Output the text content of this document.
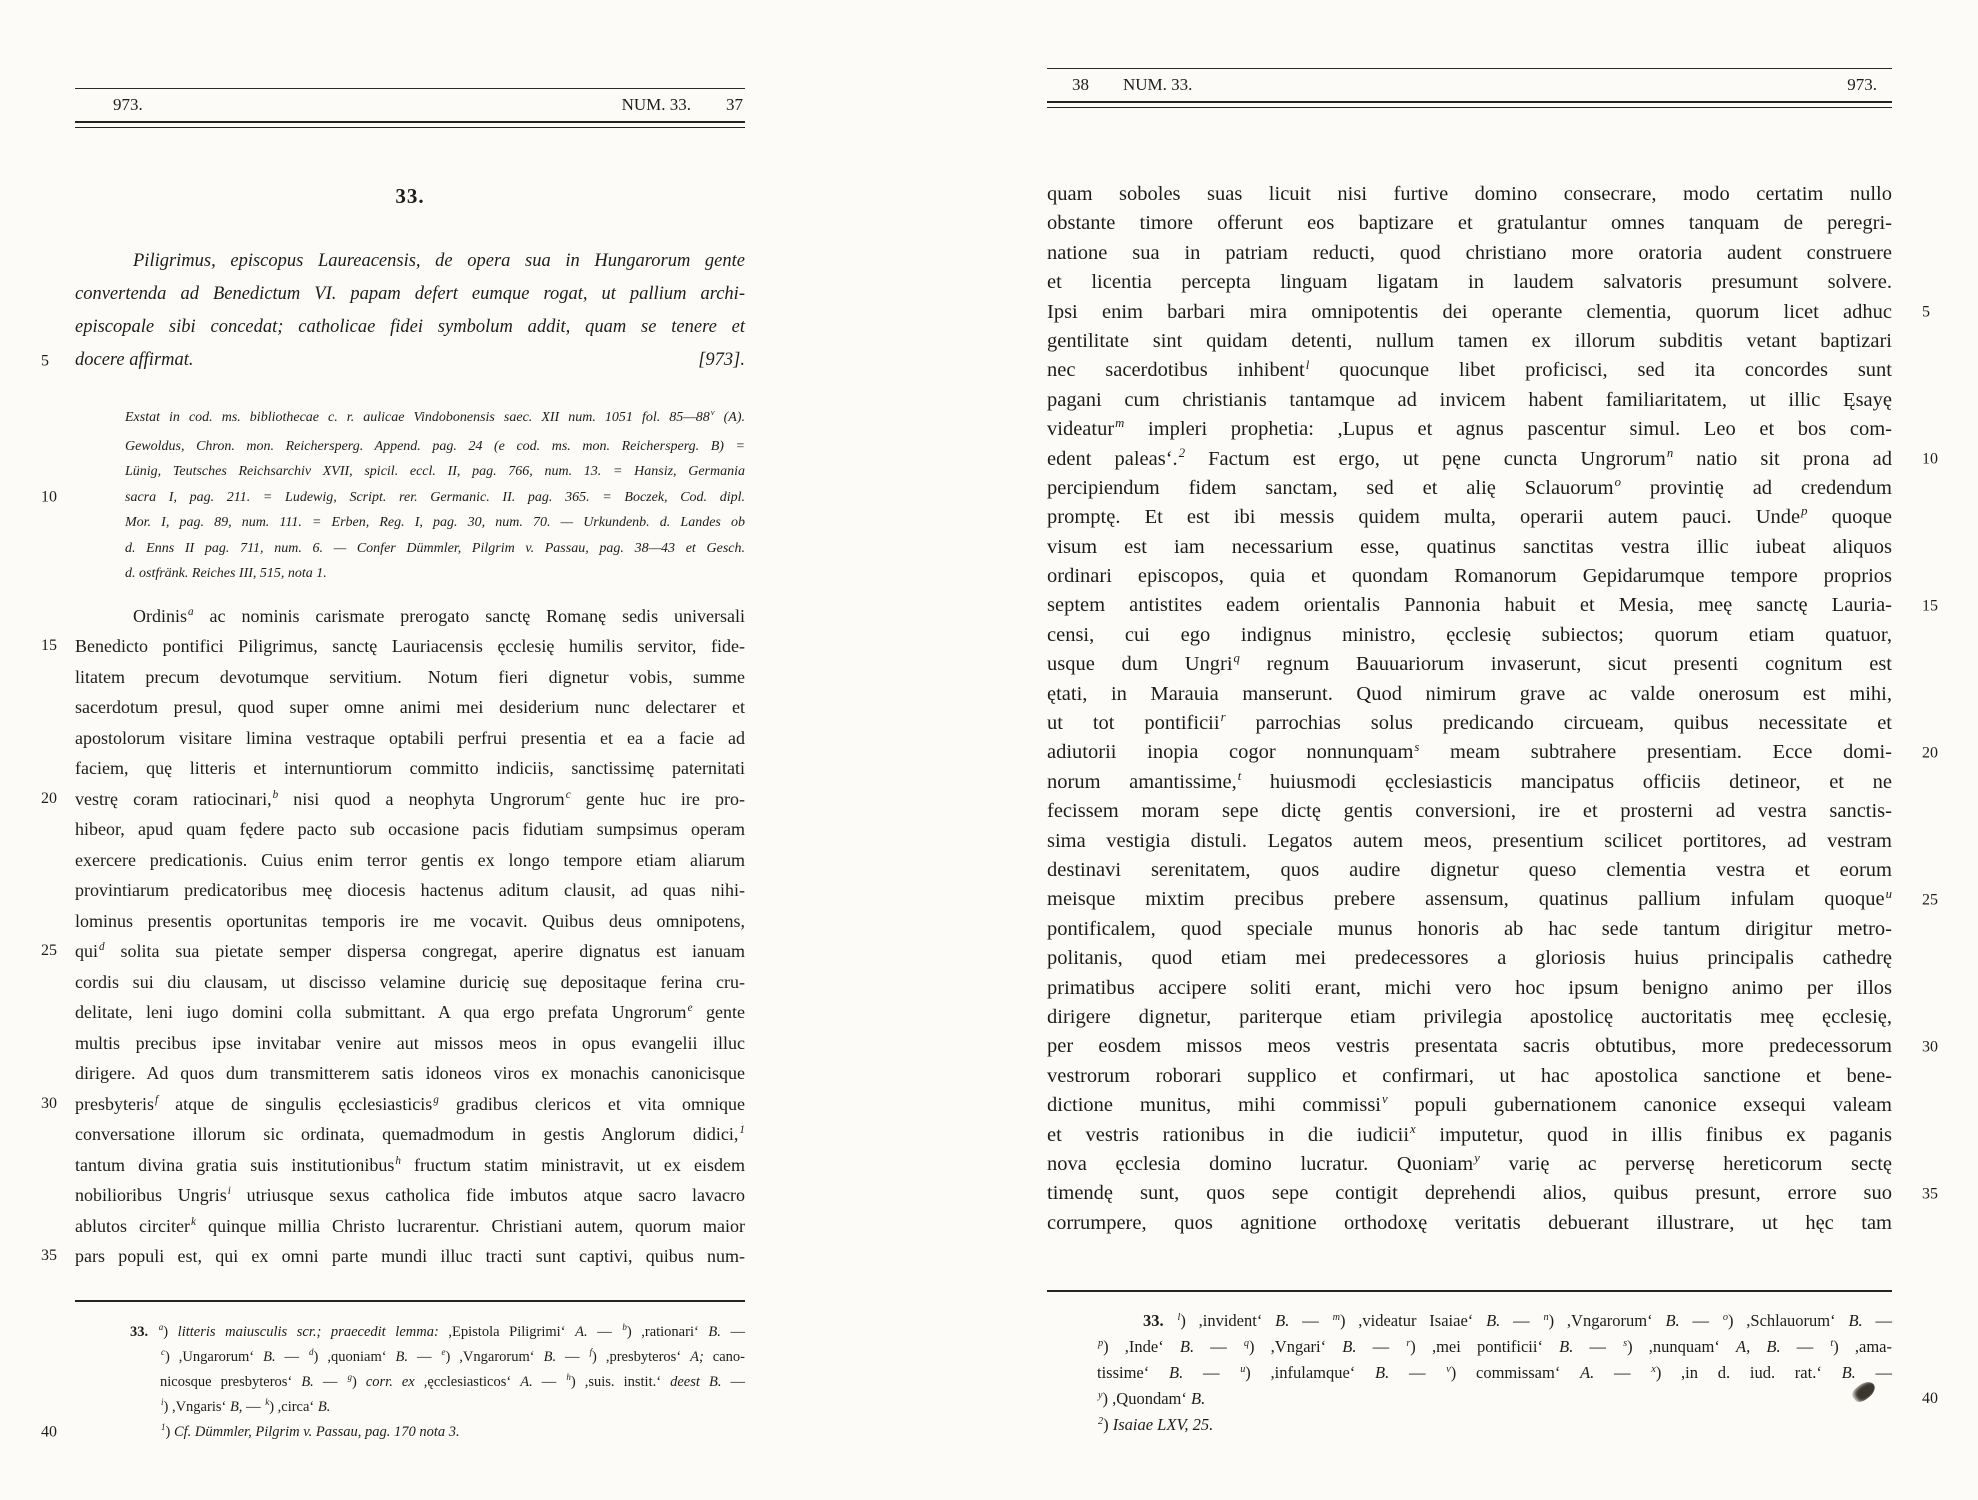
973.	NUM. 33. 37
33.
Piligrimus, episcopus Laureacensis, de opera sua in Hungarorum gente
convertenda ad Benedictum VI. papam defert eumque rogat, ut pallium archi-
episcopale sibi concedat; catholicae fidei symbolum addit, quam se tenere et
docere affirmat.	[973].
5
Exstat in cod. ms. bibliothecae c. r. aulicae Vindobonensis saec. XII num. 1051 fol. 85—88$^v$ (A).
Gewoldus, Chron. mon. Reichersperg. Append. pag. 24 (e cod. ms. mon. Reichersperg. B) =
Lünig, Teutsches Reichsarchiv XVII, spicil. eccl. II, pag. 766, num. 13. = Hansiz, Germania
sacra I, pag. 211. = Ludewig, Script. rer. Germanic. II. pag. 365. = Boczek, Cod. dipl.
10
Mor. I, pag. 89, num. 111. = Erben, Reg. I, pag. 30, num. 70. — Urkundenb. d. Landes ob
d. Enns II pag. 711, num. 6. — Confer Dümmler, Pilgrim v. Passau, pag. 38—43 et Gesch.
d. ostfränk. Reiches III, 515, nota 1.
Ordinis$^a$ ac nominis carismate prerogato sanctę Romanę sedis universali
Benedicto pontifici Piligrimus, sanctę Lauriacensis ęcclesię humilis servitor, fide-
15
litatem precum devotumque servitium. Notum fieri dignetur vobis, summe
sacerdotum presul, quod super omne animi mei desiderium nunc delectarer et
apostolorum visitare limina vestraque optabili perfrui presentia et ea a facie ad
faciem, quę litteris et internuntiorum committo indiciis, sanctissimę paternitati
vestrę coram ratiocinari,$^b$ nisi quod a neophyta Ungrorum$^c$ gente huc ire pro-
20
hibeor, apud quam fędere pacto sub occasione pacis fidutiam sumpsimus operam
exercere predicationis. Cuius enim terror gentis ex longo tempore etiam aliarum
provintiarum predicatoribus meę diocesis hactenus aditum clausit, ad quas nihi-
lominus presentis oportunitas temporis ire me vocavit. Quibus deus omnipotens,
qui$^d$ solita sua pietate semper dispersa congregat, aperire dignatus est ianuam
25
cordis sui diu clausam, ut discisso velamine duricię suę depositaque ferina cru-
delitate, leni iugo domini colla submittant. A qua ergo prefata Ungrorum$^e$ gente
multis precibus ipse invitabar venire aut missos meos in opus evangelii illuc
dirigere. Ad quos dum transmitterem satis idoneos viros ex monachis canonicisque
presbyteris$^f$ atque de singulis ęcclesiasticis$^g$ gradibus clericos et vita omnique
30
conversatione illorum sic ordinata, quemadmodum in gestis Anglorum didici,$^1$
tantum divina gratia suis institutionibus$^h$ fructum statim ministravit, ut ex eisdem
nobilioribus Ungris$^i$ utriusque sexus catholica fide imbutos atque sacro lavacro
ablutos circiter$^k$ quinque millia Christo lucrarentur. Christiani autem, quorum maior
pars populi est, qui ex omni parte mundi illuc tracti sunt captivi, quibus num-
35
33. $^a$) litteris maiusculis scr.; praecedit lemma: ,Epistola Piligrimi‘ A. — $^b$) ,rationari‘ B. —
$^c$) ,Ungarorum‘ B. — $^d$) ,quoniam‘ B. — $^e$) ,Vngarorum‘ B. — $^f$) ,presbyteros‘ A; cano-
nicosque presbyteros‘ B. — $^g$) corr. ex ,ęcclesiasticos‘ A. — $^h$) ,suis. instit.‘ deest B. —
$^i$) ,Vngaris‘ B, — $^k$) ,circa‘ B.
$^1$) Cf. Dümmler, Pilgrim v. Passau, pag. 170 nota 3.
40
38 NUM. 33.	973.
quam soboles suas licuit nisi furtive domino consecrare, modo certatim nullo
obstante timore offerunt eos baptizare et gratulantur omnes tanquam de peregri-
natione sua in patriam reducti, quod christiano more oratoria audent construere
et licentia percepta linguam ligatam in laudem salvatoris presumunt solvere.
Ipsi enim barbari mira omnipotentis dei operante clementia, quorum licet adhuc 5
gentilitate sint quidam detenti, nullum tamen ex illorum subditis vetant baptizari
nec sacerdotibus inhibent$^l$ quocunque libet proficisci, sed ita concordes sunt
pagani cum christianis tantamque ad invicem habent familiaritatem, ut illic Ęsayę
videatur$^m$ impleri prophetia: ,Lupus et agnus pascentur simul. Leo et bos com-
edent paleas‘.$^2$ Factum est ergo, ut pęne cuncta Ungrorum$^n$ natio sit prona ad 10
percipiendum fidem sanctam, sed et alię Sclauorum$^o$ provintię ad credendum
promptę. Et est ibi messis quidem multa, operarii autem pauci. Unde$^p$ quoque
visum est iam necessarium esse, quatinus sanctitas vestra illic iubeat aliquos
ordinari episcopos, quia et quondam Romanorum Gepidarumque tempore proprios
septem antistites eadem orientalis Pannonia habuit et Mesia, meę sanctę Lauria- 15
censi, cui ego indignus ministro, ęcclesię subiectos; quorum etiam quatuor,
usque dum Ungri$^q$ regnum Bauuariorum invaserunt, sicut presenti cognitum est
ętati, in Marauia manserunt. Quod nimirum grave ac valde onerosum est mihi,
ut tot pontificii$^r$ parrochias solus predicando circueam, quibus necessitate et
adiutorii inopia cogor nonnunquam$^s$ meam subtrahere presentiam. Ecce domi- 20
norum amantissime,$^t$ huiusmodi ęcclesiasticis mancipatus officiis detineor, et ne
fecissem moram sepe dictę gentis conversioni, ire et prosterni ad vestra sanctis-
sima vestigia distuli. Legatos autem meos, presentium scilicet portitores, ad vestram
destinavi serenitatem, quos audire dignetur queso clementia vestra et eorum
meisque mixtim precibus prebere assensum, quatinus pallium infulam quoque$^u$ 25
pontificalem, quod speciale munus honoris ab hac sede tantum dirigitur metro-
politanis, quod etiam mei predecessores a gloriosis huius principalis cathedrę
primatibus accipere soliti erant, michi vero hoc ipsum benigno animo per illos
dirigere dignetur, pariterque etiam privilegia apostolicę auctoritatis meę ęcclesię,
per eosdem missos meos vestris presentata sacris obtutibus, more predecessorum 30
vestrorum roborari supplico et confirmari, ut hac apostolica sanctione et bene-
dictione munitus, mihi commissi$^v$ populi gubernationem canonice exsequi valeam
et vestris rationibus in die iudicii$^x$ imputetur, quod in illis finibus ex paganis
nova ęcclesia domino lucratur. Quoniam$^y$ varię ac perversę hereticorum sectę
timendę sunt, quos sepe contigit deprehendi alios, quibus presunt, errore suo 35
corrumpere, quos agnitione orthodoxę veritatis debuerant illustrare, ut hęc tam
33. $^l$) ,invident‘ B. — $^m$) ,videatur Isaiae‘ B. — $^n$) ,Vngarorum‘ B. — $^o$) ,Schlauorum‘ B. —
$^p$) ,Inde‘ B. — $^q$) ,Vngari‘ B. — $^r$) ,mei pontificii‘ B. — $^s$) ,nunquam‘ A, B. — $^t$) ,ama-
tissime‘ B. — $^u$) ,infulamque‘ B. — $^v$) commissam‘ A. — $^x$) ,in d. iud. rat.‘ B. —
$^y$) ,Quondam‘ B.	40
$^2$) Isaiae LXV, 25.
